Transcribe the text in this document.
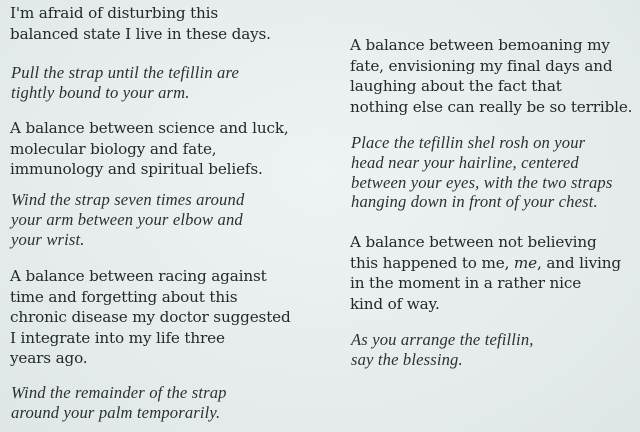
I'm afraid of disturbing this
balanced state I live in these days.

Pull the strap until the tefillin are
tightly bound to your arm.

A balance between science and luck,
molecular biology and fate,
immunology and spiritual beliefs.

Wind the strap seven times around
your arm between your elbow and
your wrist.

A balance between racing against
time and forgetting about this
chronic disease my doctor suggested
I integrate into my life three
years ago.

Wind the remainder of the strap
around your palm temporarily.

A balance between bemoaning my
fate, envisioning my final days and
laughing about the fact that
nothing else can really be so terrible.

Place the tefillin shel rosh on your
head near your hairline, centered
between your eyes, with the two straps
hanging down in front of your chest.

A balance between not believing
this happened to me, me, and living
in the moment in a rather nice
kind of way.

As you arrange the tefillin,
say the blessing.
